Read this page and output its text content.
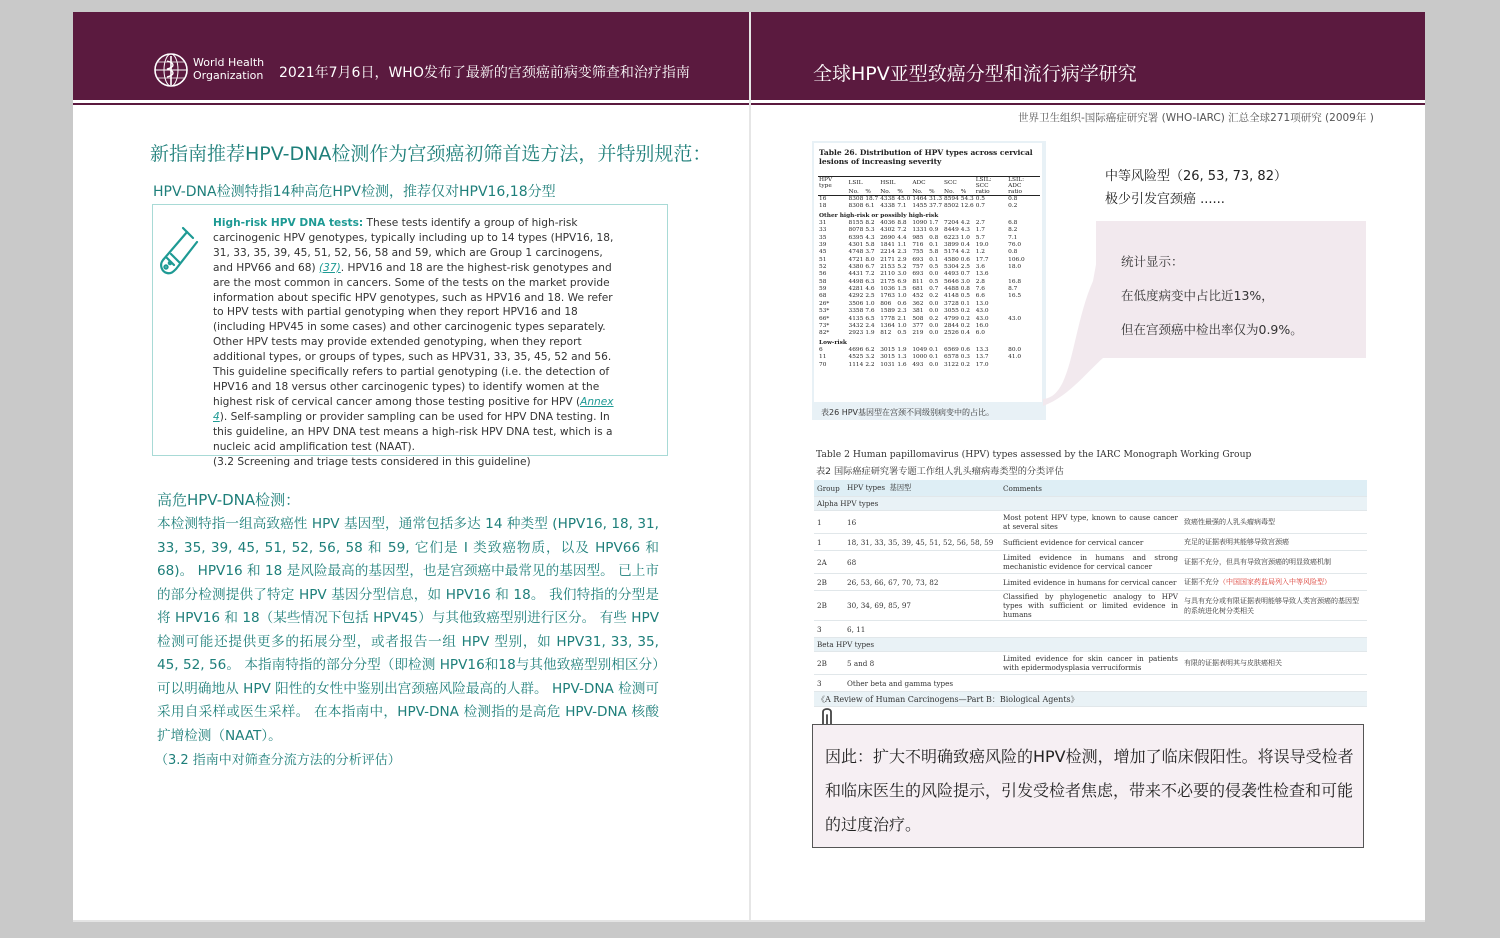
World Health
Organization 2021年7月6日，WHO发布了最新的宫颈癌前病变筛查和治疗指南	全球HPV亚型致癌分型和流行病学研究
新指南推荐HPV-DNA检测作为宫颈癌初筛首选方法，并特别规范：
HPV-DNA检测特指14种高危HPV检测，推荐仅对HPV16,18分型
High-risk HPV DNA tests: These tests identify a group of high-risk carcinogenic HPV genotypes, typically including up to 14 types (HPV16, 18, 31, 33, 35, 39, 45, 51, 52, 56, 58 and 59, which are Group 1 carcinogens, and HPV66 and 68) (37). HPV16 and 18 are the highest-risk genotypes and are the most common in cancers. Some of the tests on the market provide information about specific HPV genotypes, such as HPV16 and 18. We refer to HPV tests with partial genotyping when they report HPV16 and 18 (including HPV45 in some cases) and other carcinogenic types separately. Other HPV tests may provide extended genotyping, when they report additional types, or groups of types, such as HPV31, 33, 35, 45, 52 and 56. This guideline specifically refers to partial genotyping (i.e. the detection of HPV16 and 18 versus other carcinogenic types) to identify women at the highest risk of cervical cancer among those testing positive for HPV (Annex 4). Self-sampling or provider sampling can be used for HPV DNA testing. In this guideline, an HPV DNA test means a high-risk HPV DNA test, which is a nucleic acid amplification test (NAAT).
(3.2 Screening and triage tests considered in this guideline)
高危HPV-DNA检测：
本检测特指一组高致癌性 HPV 基因型，通常包括多达 14 种类型 (HPV16, 18, 31, 33, 35, 39, 45, 51, 52, 56, 58 和 59, 它们是 I 类致癌物质，以及 HPV66 和 68)。 HPV16 和 18 是风险最高的基因型，也是宫颈癌中最常见的基因型。 已上市的部分检测提供了特定 HPV 基因分型信息，如 HPV16 和 18。 我们特指的分型是将 HPV16 和 18（某些情况下包括 HPV45）与其他致癌型别进行区分。 有些 HPV 检测可能还提供更多的拓展分型，或者报告一组 HPV 型别，如 HPV31, 33, 35, 45, 52, 56。 本指南特指的部分分型（即检测 HPV16和18与其他致癌型别相区分）可以明确地从 HPV 阳性的女性中鉴别出宫颈癌风险最高的人群。 HPV-DNA 检测可采用自采样或医生采样。 在本指南中，HPV-DNA 检测指的是高危 HPV-DNA 核酸扩增检测（NAAT）。
（3.2 指南中对筛查分流方法的分析评估）
世界卫生组织-国际癌症研究署 (WHO-IARC) 汇总全球271项研究 (2009年 )
Table 26. Distribution of HPV types across cervical lesions of increasing severity
HPV type	LSIL		HSIL		ADC		SCC		LSIL: SCC	LSIL: ADC
	No.	%	No.	%	No.	%	No.	%	ratio	ratio
16	8308	18.7	4338	45.0	1464	31.3	8594	54.3	0.5	0.8
18	8308	6.1	4338	7.1	1455	37.7	8502	12.6	0.7	0.2
Other high-risk or possibly high-risk										
31	8155	8.2	4036	8.8	1090	1.7	7204	4.2	2.7	6.8
33	8078	5.3	4302	7.2	1331	0.9	8449	4.3	1.7	8.2
35	6395	4.3	2690	4.4	985	0.8	6223	1.0	5.7	7.1
39	4301	5.8	1841	1.1	716	0.1	3899	0.4	19.0	76.0
45	4748	3.7	2214	2.3	755	5.8	5174	4.2	1.2	0.8
51	4721	8.0	2171	2.9	693	0.1	4580	0.6	17.7	106.0
52	4380	6.7	2153	5.2	757	0.5	5304	2.5	3.6	18.0
56	4431	7.2	2110	3.0	693	0.0	4493	0.7	13.6	
58	4498	6.3	2175	6.9	811	0.5	5646	3.0	2.8	16.8
59	4281	4.6	1036	1.5	681	0.7	4488	0.8	7.6	8.7
68	4292	2.5	1763	1.0	452	0.2	4148	0.5	6.6	16.5
26*	3506	1.0	806	0.6	362	0.0	3728	0.1	13.0	
53*	3358	7.6	1589	2.3	381	0.0	3055	0.2	43.0	
66*	4135	6.5	1778	2.1	508	0.2	4799	0.2	43.0	43.0
73*	3432	2.4	1364	1.0	377	0.0	2844	0.2	16.0	
82*	2923	1.9	812	0.5	219	0.0	2526	0.4	6.0	
Low-risk										
6	4696	6.2	3015	1.9	1049	0.1	6569	0.6	13.3	80.0
11	4525	3.2	3015	1.3	1000	0.1	6578	0.3	13.7	41.0
70	1114	2.2	1031	1.6	493	0.0	3122	0.2	17.0	
表26 HPV基因型在宫颈不同级别病变中的占比。
中等风险型（26, 53, 73, 82）
极少引发宫颈癌 ......
统计显示：
在低度病变中占比近13%，
但在宫颈癌中检出率仅为0.9%。
Table 2 Human papillomavirus (HPV) types assessed by the IARC Monograph Working Group
表2 国际癌症研究署专题工作组人乳头瘤病毒类型的分类评估
Group	HPV types 基因型	Comments	
Alpha HPV types			
1	16	Most potent HPV type, known to cause cancer at several sites	致癌性最强的人乳头瘤病毒型
1	18, 31, 33, 35, 39, 45, 51, 52, 56, 58, 59	Sufficient evidence for cervical cancer	充足的证据表明其能够导致宫颈癌
2A	68	Limited evidence in humans and strong mechanistic evidence for cervical cancer	证据不充分，但具有导致宫颈癌的明显致癌机制
2B	26, 53, 66, 67, 70, 73, 82	Limited evidence in humans for cervical cancer	证据不充分（中国国家药监局列入中等风险型）
2B	30, 34, 69, 85, 97	Classified by phylogenetic analogy to HPV types with sufficient or limited evidence in humans	与具有充分或有限证据表明能够导致人类宫颈癌的基因型的系统进化树分类相关
3	6, 11		
Beta HPV types			
2B	5 and 8	Limited evidence for skin cancer in patients with epidermodysplasia verruciformis	有限的证据表明其与皮肤癌相关
3	Other beta and gamma types		
《A Review of Human Carcinogens—Part B：Biological Agents》			
因此：扩大不明确致癌风险的HPV检测，增加了临床假阳性。将误导受检者和临床医生的风险提示，引发受检者焦虑，带来不必要的侵袭性检查和可能的过度治疗。
